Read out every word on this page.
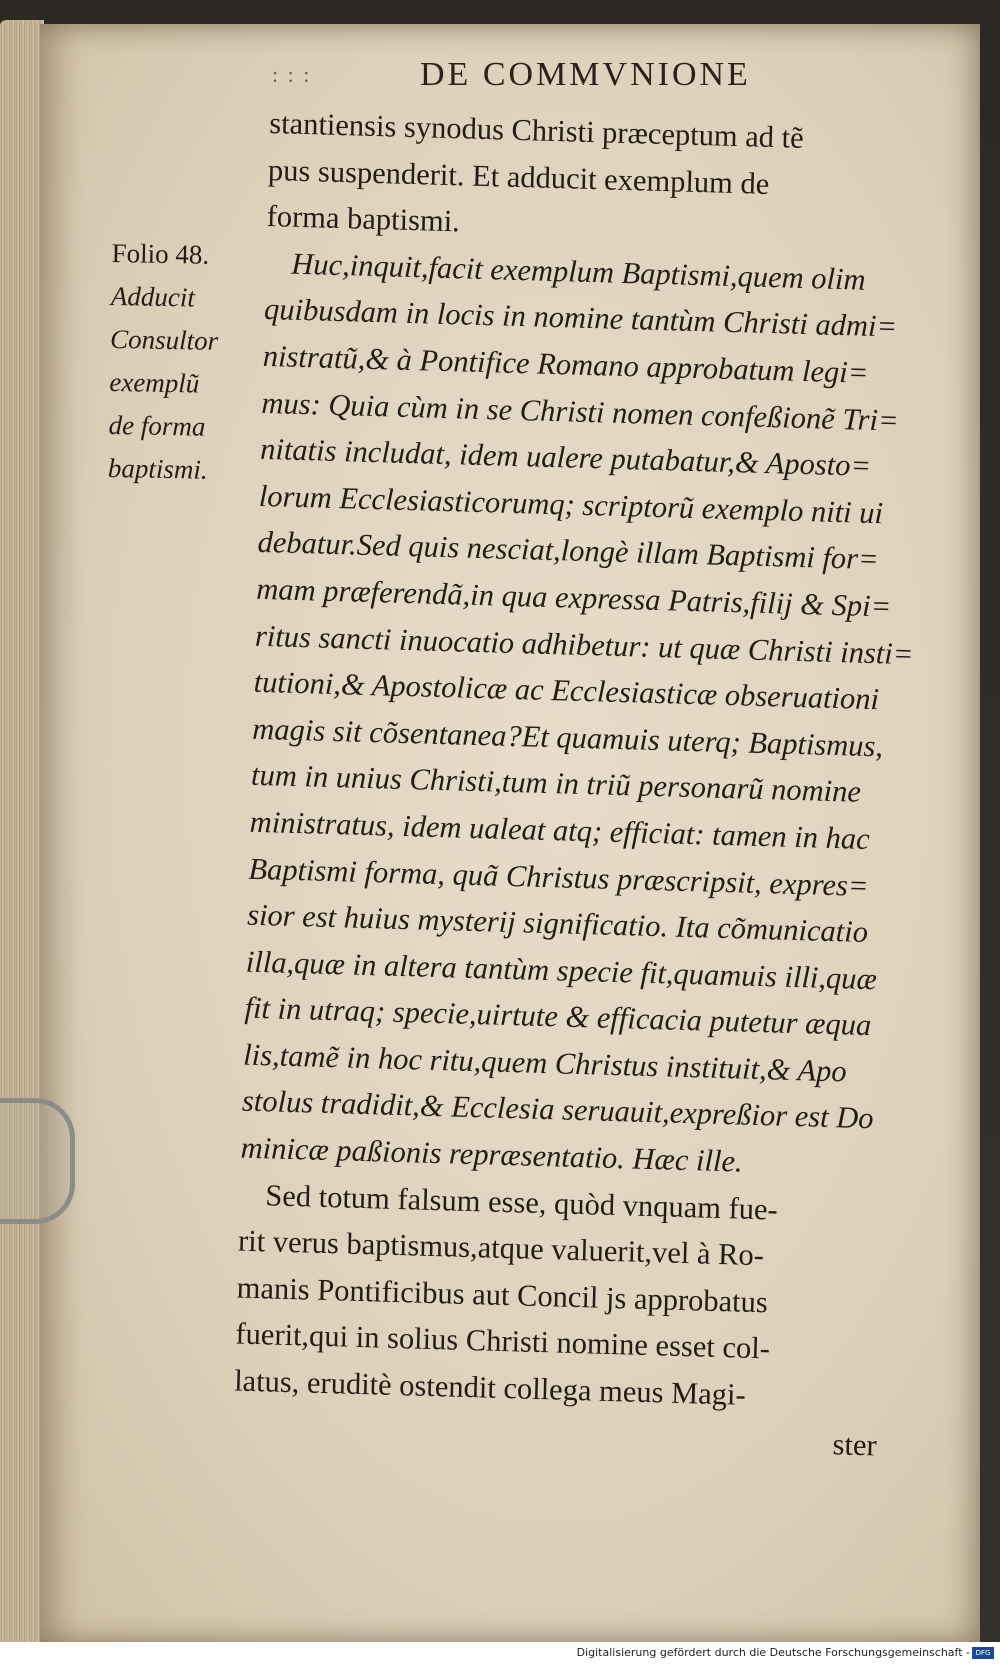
: : :	DE COMMVNIONE
Folio 48.
Adducit
Consultor
exemplũ
de forma
baptismi.
stantiensis synodus Christi præceptum ad tẽ
pus suspenderit. Et adducit exemplum de
forma baptismi.
Huc,inquit,facit exemplum Baptismi,quem olim
quibusdam in locis in nomine tantùm Christi admi=
nistratũ,& à Pontifice Romano approbatum legi=
mus: Quia cùm in se Christi nomen confeßionẽ Tri=
nitatis includat, idem ualere putabatur,& Aposto=
lorum Ecclesiasticorumq; scriptorũ exemplo niti ui
debatur.Sed quis nesciat,longè illam Baptismi for=
mam præferendã,in qua expressa Patris,filij & Spi=
ritus sancti inuocatio adhibetur: ut quæ Christi insti=
tutioni,& Apostolicæ ac Ecclesiasticæ obseruationi
magis sit cõsentanea?Et quamuis uterq; Baptismus,
tum in unius Christi,tum in triũ personarũ nomine
ministratus, idem ualeat atq; efficiat: tamen in hac
Baptismi forma, quã Christus præscripsit, expres=
sior est huius mysterij significatio. Ita cõmunicatio
illa,quæ in altera tantùm specie fit,quamuis illi,quæ
fit in utraq; specie,uirtute & efficacia putetur æqua
lis,tamẽ in hoc ritu,quem Christus instituit,& Apo
stolus tradidit,& Ecclesia seruauit,expreßior est Do
minicæ paßionis repræsentatio. Hæc ille.
Sed totum falsum esse, quòd vnquam fue-
rit verus baptismus,atque valuerit,vel à Ro-
manis Pontificibus aut Concil js approbatus
fuerit,qui in solius Christi nomine esset col-
latus, eruditè ostendit collega meus Magi-
ster
Digitalisierung gefördert durch die Deutsche Forschungsgemeinschaft - DFG
